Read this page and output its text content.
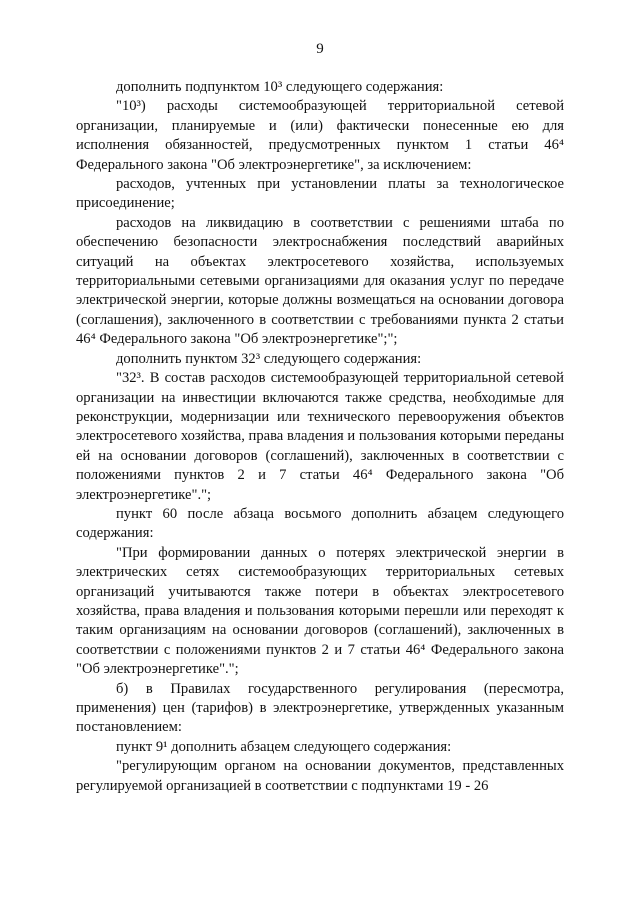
9

дополнить подпунктом 10³ следующего содержания:

"10³) расходы системообразующей территориальной сетевой организации, планируемые и (или) фактически понесенные ею для исполнения обязанностей, предусмотренных пунктом 1 статьи 46⁴ Федерального закона "Об электроэнергетике", за исключением:

расходов, учтенных при установлении платы за технологическое присоединение;

расходов на ликвидацию в соответствии с решениями штаба по обеспечению безопасности электроснабжения последствий аварийных ситуаций на объектах электросетевого хозяйства, используемых территориальными сетевыми организациями для оказания услуг по передаче электрической энергии, которые должны возмещаться на основании договора (соглашения), заключенного в соответствии с требованиями пункта 2 статьи 46⁴ Федерального закона "Об электроэнергетике";";

дополнить пунктом 32³ следующего содержания:

"32³. В состав расходов системообразующей территориальной сетевой организации на инвестиции включаются также средства, необходимые для реконструкции, модернизации или технического перевооружения объектов электросетевого хозяйства, права владения и пользования которыми переданы ей на основании договоров (соглашений), заключенных в соответствии с положениями пунктов 2 и 7 статьи 46⁴ Федерального закона "Об электроэнергетике".";

пункт 60 после абзаца восьмого дополнить абзацем следующего содержания:

"При формировании данных о потерях электрической энергии в электрических сетях системообразующих территориальных сетевых организаций учитываются также потери в объектах электросетевого хозяйства, права владения и пользования которыми перешли или переходят к таким организациям на основании договоров (соглашений), заключенных в соответствии с положениями пунктов 2 и 7 статьи 46⁴ Федерального закона "Об электроэнергетике".";

б) в Правилах государственного регулирования (пересмотра, применения) цен (тарифов) в электроэнергетике, утвержденных указанным постановлением:

пункт 9¹ дополнить абзацем следующего содержания:

"регулирующим органом на основании документов, представленных регулируемой организацией в соответствии с подпунктами 19 - 26
